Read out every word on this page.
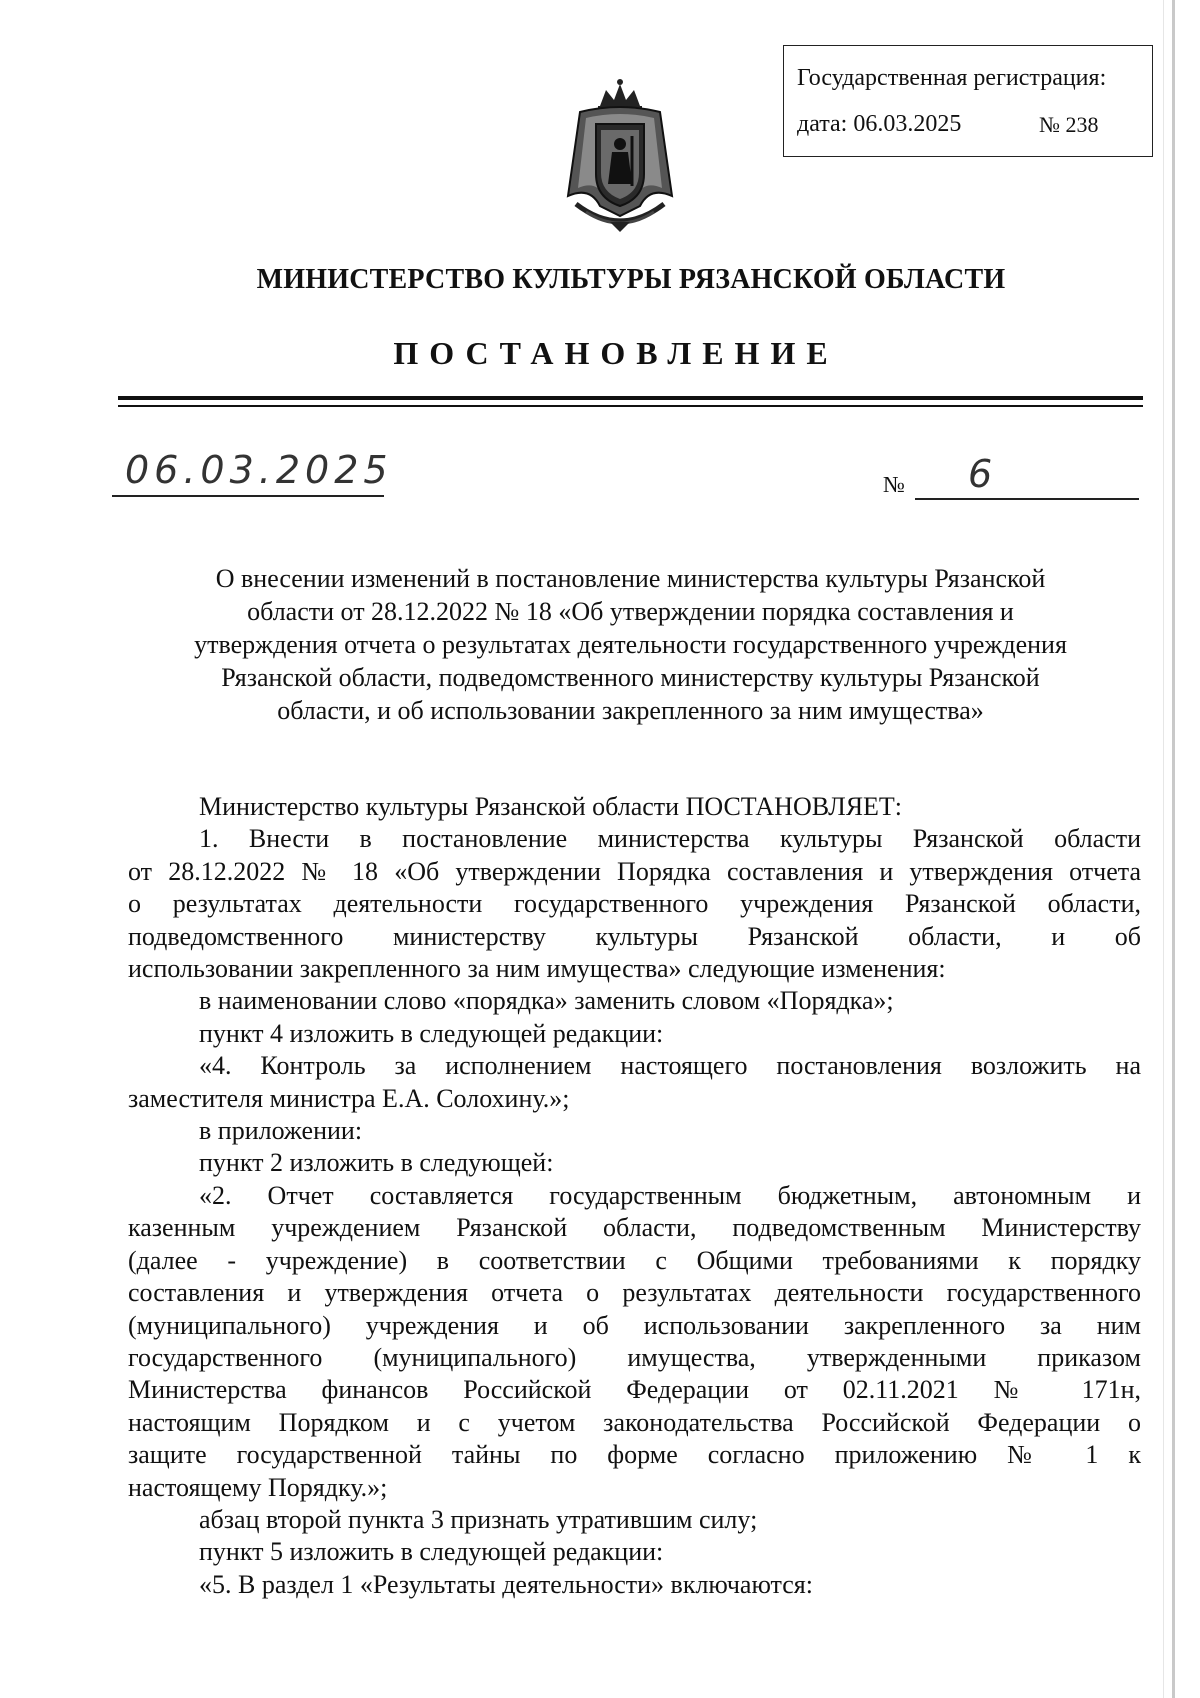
Государственная регистрация:
дата: 06.03.2025	№ 238
МИНИСТЕРСТВО КУЛЬТУРЫ РЯЗАНСКОЙ ОБЛАСТИ
ПОСТАНОВЛЕНИЕ
06.03.2025	№ 6
О внесении изменений в постановление министерства культуры Рязанской
области от 28.12.2022 № 18 «Об утверждении порядка составления и
утверждения отчета о результатах деятельности государственного учреждения
Рязанской области, подведомственного министерству культуры Рязанской
области, и об использовании закрепленного за ним имущества»

Министерство культуры Рязанской области ПОСТАНОВЛЯЕТ:

1. Внести в постановление министерства культуры Рязанской области
от 28.12.2022 № 18 «Об утверждении Порядка составления и утверждения отчета
о результатах деятельности государственного учреждения Рязанской области,
подведомственного министерству культуры Рязанской области, и об
использовании закрепленного за ним имущества» следующие изменения:

в наименовании слово «порядка» заменить словом «Порядка»;

пункт 4 изложить в следующей редакции:

«4. Контроль за исполнением настоящего постановления возложить на
заместителя министра Е.А. Солохину.»;

в приложении:

пункт 2 изложить в следующей:

«2. Отчет составляется государственным бюджетным, автономным и
казенным учреждением Рязанской области, подведомственным Министерству
(далее - учреждение) в соответствии с Общими требованиями к порядку
составления и утверждения отчета о результатах деятельности государственного
(муниципального) учреждения и об использовании закрепленного за ним
государственного (муниципального) имущества, утвержденными приказом
Министерства финансов Российской Федерации от 02.11.2021 № 171н,
настоящим Порядком и с учетом законодательства Российской Федерации о
защите государственной тайны по форме согласно приложению № 1 к
настоящему Порядку.»;

абзац второй пункта 3 признать утратившим силу;

пункт 5 изложить в следующей редакции:

«5. В раздел 1 «Результаты деятельности» включаются:
